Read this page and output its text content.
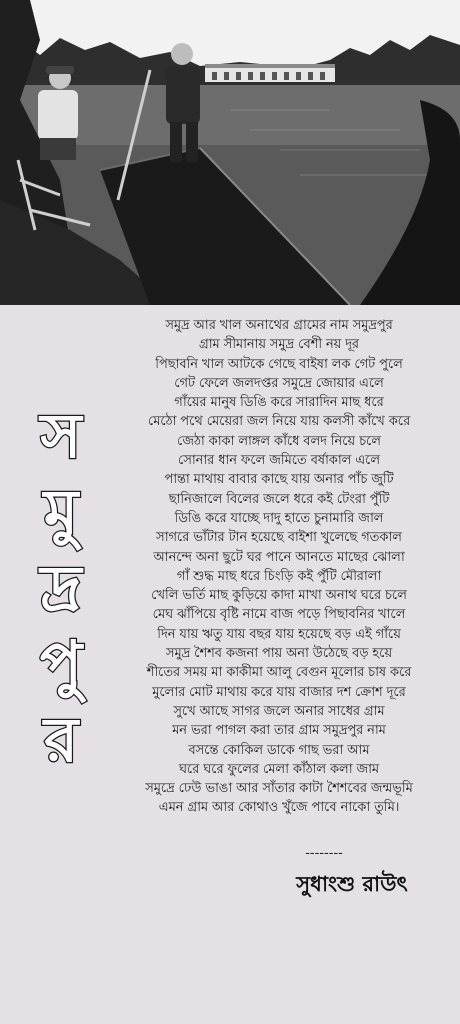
স
মু
দ্র
পু
র
সমুদ্র আর খাল অনাথের গ্রামের নাম সমুদ্রপুর
গ্রাম সীমানায় সমুদ্র বেশী নয় দূর
পিছাবনি খাল আটকে গেছে বাইষা লক গেট পুলে
গেট ফেলে জলদপ্তর সমুদ্রে জোয়ার এলে
গাঁয়ের মানুষ ডিঙি করে সারাদিন মাছ ধরে
মেঠো পথে মেয়েরা জল নিয়ে যায় কলসী কাঁখে করে
জেঠা কাকা লাঙ্গল কাঁধে বলদ নিয়ে চলে
সোনার ধান ফলে জমিতে বর্ষাকাল এলে
পান্তা মাথায় বাবার কাছে যায় অনার পাঁচ জুটি
ছানিজালে বিলের জলে ধরে কই টেংরা পুঁটি
ডিঙি করে যাচ্ছে দাদু হাতে চুনামারি জাল
সাগরে ভাঁটার টান হয়েছে বাইশা খুলেছে গতকাল
আনন্দে অনা ছুটে ঘর পানে আনতে মাছের ঝোলা
গাঁ শুদ্ধ মাছ ধরে চিংড়ি কই পুঁটি মৌরালা
খেলি ভর্তি মাছ কুড়িয়ে কাদা মাখা অনাথ ঘরে চলে
মেঘ ঝাঁপিয়ে বৃষ্টি নামে বাজ পড়ে পিছাবনির খালে
দিন যায় ঋতু যায় বছর যায় হয়েছে বড় এই গাঁয়ে
সমুদ্র শৈশব কজনা পায় অনা উঠেছে বড় হয়ে
শীতের সময় মা কাকীমা আলু বেগুন মূলোর চাষ করে
মুলোর মোট মাথায় করে যায় বাজার দশ ক্রোশ দূরে
সুখে আছে সাগর জলে অনার সাধের গ্রাম
মন ভরা পাগল করা তার গ্রাম সমুদ্রপুর নাম
বসন্তে কোকিল ডাকে গাছ ভরা আম
ঘরে ঘরে ফুলের মেলা কাঁঠাল কলা জাম
সমুদ্রে ঢেউ ভাঙা আর সাঁতার কাটা শৈশবের জন্মভূমি
এমন গ্রাম আর কোথাও খুঁজে পাবে নাকো তুমি।
--------
সুধাংশু রাউৎ
